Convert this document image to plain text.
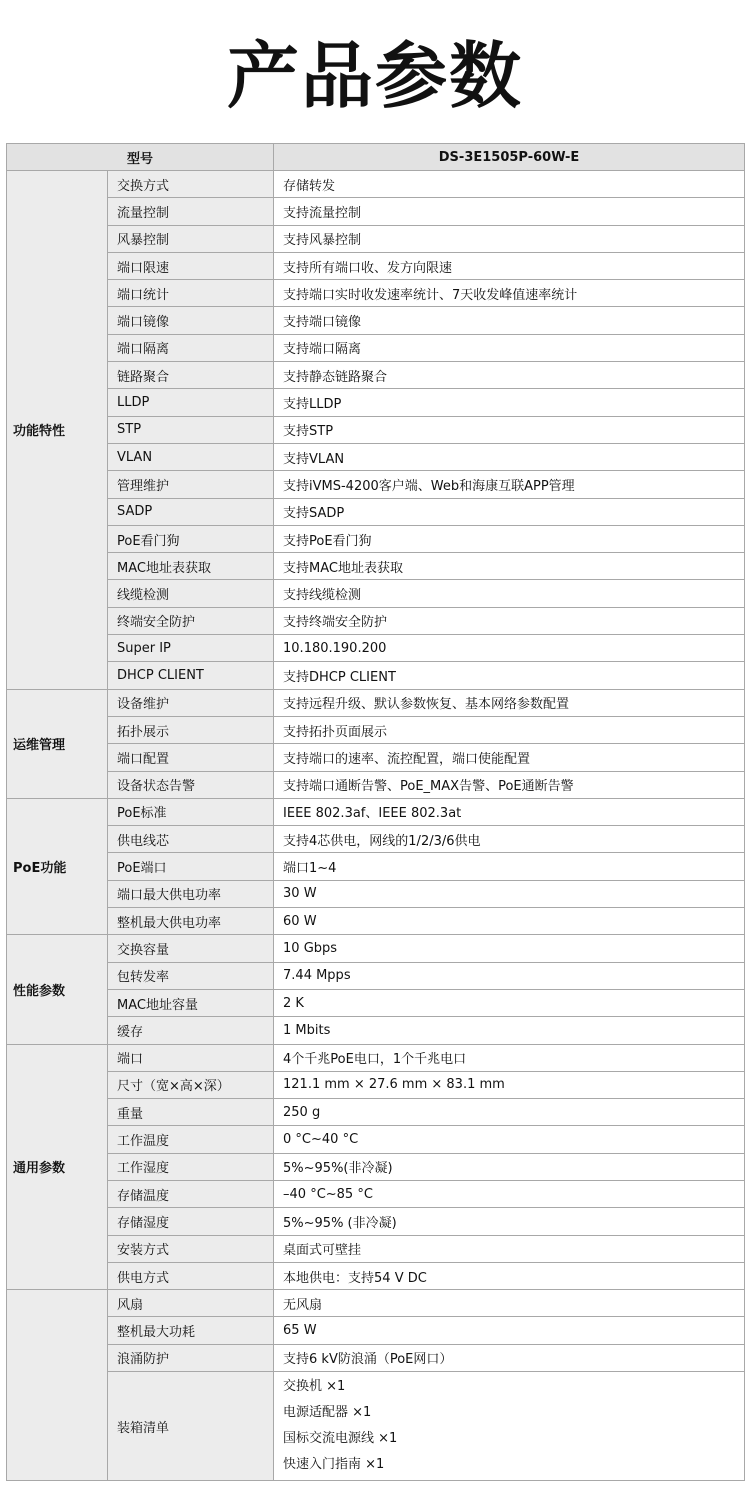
产品参数
型号		DS-3E1505P-60W-E
功能特性	交换方式	存储转发
	流量控制	支持流量控制
	风暴控制	支持风暴控制
	端口限速	支持所有端口收、发方向限速
	端口统计	支持端口实时收发速率统计、7天收发峰值速率统计
	端口镜像	支持端口镜像
	端口隔离	支持端口隔离
	链路聚合	支持静态链路聚合
	LLDP	支持LLDP
	STP	支持STP
	VLAN	支持VLAN
	管理维护	支持iVMS-4200客户端、Web和海康互联APP管理
	SADP	支持SADP
	PoE看门狗	支持PoE看门狗
	MAC地址表获取	支持MAC地址表获取
	线缆检测	支持线缆检测
	终端安全防护	支持终端安全防护
	Super IP	10.180.190.200
	DHCP CLIENT	支持DHCP CLIENT
运维管理	设备维护	支持远程升级、默认参数恢复、基本网络参数配置
	拓扑展示	支持拓扑页面展示
	端口配置	支持端口的速率、流控配置，端口使能配置
	设备状态告警	支持端口通断告警、PoE_MAX告警、PoE通断告警
PoE功能	PoE标准	IEEE 802.3af、IEEE 802.3at
	供电线芯	支持4芯供电，网线的1/2/3/6供电
	PoE端口	端口1~4
	端口最大供电功率	30 W
	整机最大供电功率	60 W
性能参数	交换容量	10 Gbps
	包转发率	7.44 Mpps
	MAC地址容量	2 K
	缓存	1 Mbits
通用参数	端口	4个千兆PoE电口，1个千兆电口
	尺寸（宽×高×深）	121.1 mm × 27.6 mm × 83.1 mm
	重量	250 g
	工作温度	0 °C~40 °C
	工作湿度	5%~95%(非冷凝)
	存储温度	–40 °C~85 °C
	存储湿度	5%~95% (非冷凝)
	安装方式	桌面式可壁挂
	供电方式	本地供电：支持54 V DC
	风扇	无风扇
	整机最大功耗	65 W
	浪涌防护	支持6 kV防浪涌（PoE网口）
	装箱清单	交换机 ×1
电源适配器 ×1
国标交流电源线 ×1
快速入门指南 ×1
